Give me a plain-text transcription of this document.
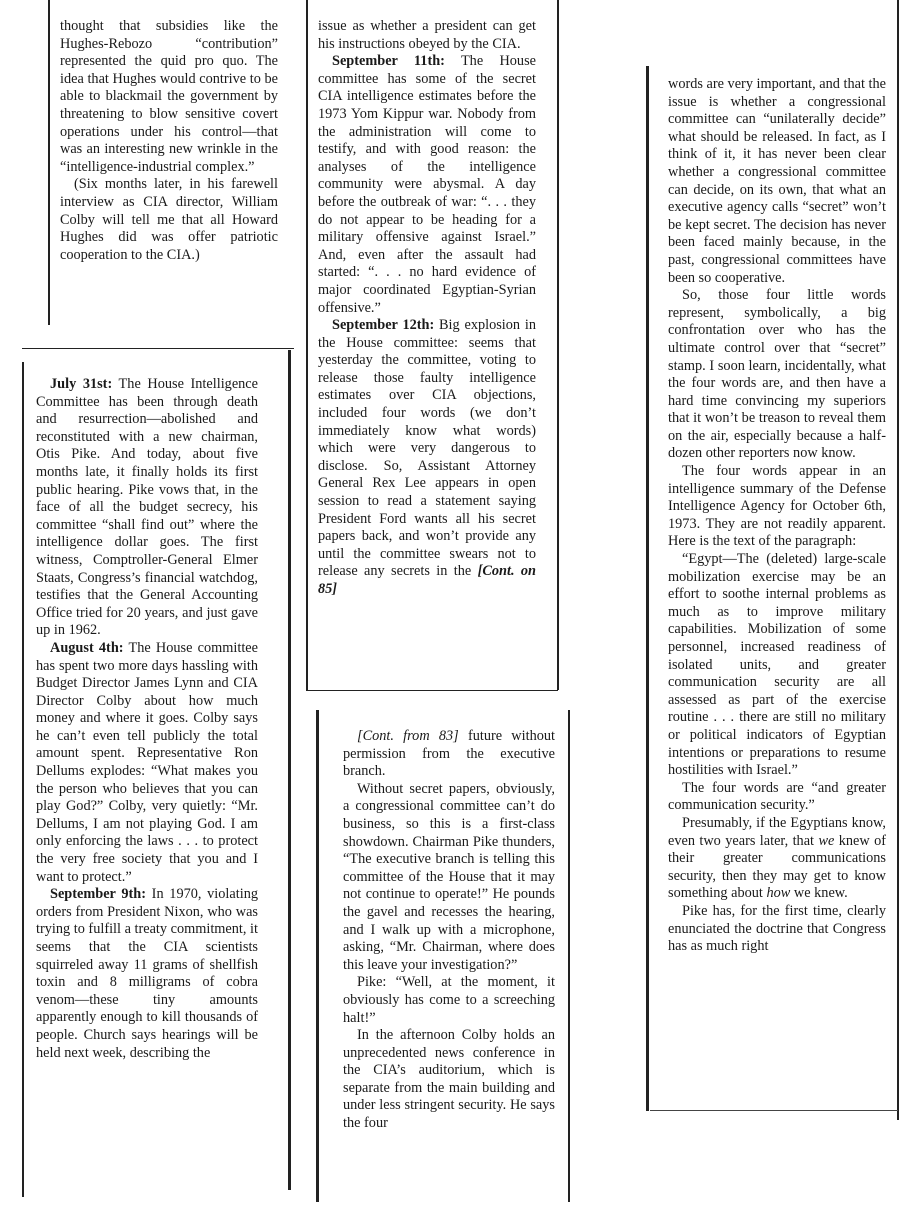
thought that subsidies like the Hughes-Rebozo “contribution” represented the quid pro quo. The idea that Hughes would contrive to be able to blackmail the government by threatening to blow sensitive covert operations under his control—that was an interesting new wrinkle in the “intelligence-industrial complex.”

(Six months later, in his farewell interview as CIA director, William Colby will tell me that all Howard Hughes did was offer patriotic cooperation to the CIA.)

July 31st: The House Intelligence Committee has been through death and resurrection—abolished and reconstituted with a new chairman, Otis Pike. And today, about five months late, it finally holds its first public hearing. Pike vows that, in the face of all the budget secrecy, his committee “shall find out” where the intelligence dollar goes. The first witness, Comptroller-General Elmer Staats, Congress’s financial watchdog, testifies that the General Accounting Office tried for 20 years, and just gave up in 1962.

August 4th: The House committee has spent two more days hassling with Budget Director James Lynn and CIA Director Colby about how much money and where it goes. Colby says he can’t even tell publicly the total amount spent. Representative Ron Dellums explodes: “What makes you the person who believes that you can play God?” Colby, very quietly: “Mr. Dellums, I am not playing God. I am only enforcing the laws . . . to protect the very free society that you and I want to protect.”

September 9th: In 1970, violating orders from President Nixon, who was trying to fulfill a treaty commitment, it seems that the CIA scientists squirreled away 11 grams of shellfish toxin and 8 milligrams of cobra venom—these tiny amounts apparently enough to kill thousands of people. Church says hearings will be held next week, describing the

issue as whether a president can get his instructions obeyed by the CIA.

September 11th: The House committee has some of the secret CIA intelligence estimates before the 1973 Yom Kippur war. Nobody from the administration will come to testify, and with good reason: the analyses of the intelligence community were abysmal. A day before the outbreak of war: “. . . they do not appear to be heading for a military offensive against Israel.” And, even after the assault had started: “. . . no hard evidence of major coordinated Egyptian-Syrian offensive.”

September 12th: Big explosion in the House committee: seems that yesterday the committee, voting to release those faulty intelligence estimates over CIA objections, included four words (we don’t immediately know what words) which were very dangerous to disclose. So, Assistant Attorney General Rex Lee appears in open session to read a statement saying President Ford wants all his secret papers back, and won’t provide any until the committee swears not to release any secrets in the [Cont. on 85]

[Cont. from 83] future without permission from the executive branch.

Without secret papers, obviously, a congressional committee can’t do business, so this is a first-class showdown. Chairman Pike thunders, “The executive branch is telling this committee of the House that it may not continue to operate!” He pounds the gavel and recesses the hearing, and I walk up with a microphone, asking, “Mr. Chairman, where does this leave your investigation?”

Pike: “Well, at the moment, it obviously has come to a screeching halt!”

In the afternoon Colby holds an unprecedented news conference in the CIA’s auditorium, which is separate from the main building and under less stringent security. He says the four

words are very important, and that the issue is whether a congressional committee can “unilaterally decide” what should be released. In fact, as I think of it, it has never been clear whether a congressional committee can decide, on its own, that what an executive agency calls “secret” won’t be kept secret. The decision has never been faced mainly because, in the past, congressional committees have been so cooperative.

So, those four little words represent, symbolically, a big confrontation over who has the ultimate control over that “secret” stamp. I soon learn, incidentally, what the four words are, and then have a hard time convincing my superiors that it won’t be treason to reveal them on the air, especially because a half-dozen other reporters now know.

The four words appear in an intelligence summary of the Defense Intelligence Agency for October 6th, 1973. They are not readily apparent. Here is the text of the paragraph:

“Egypt—The (deleted) large-scale mobilization exercise may be an effort to soothe internal problems as much as to improve military capabilities. Mobilization of some personnel, increased readiness of isolated units, and greater communication security are all assessed as part of the exercise routine . . . there are still no military or political indicators of Egyptian intentions or preparations to resume hostilities with Israel.”

The four words are “and greater communication security.”

Presumably, if the Egyptians know, even two years later, that we knew of their greater communications security, then they may get to know something about how we knew.

Pike has, for the first time, clearly enunciated the doctrine that Congress has as much right
